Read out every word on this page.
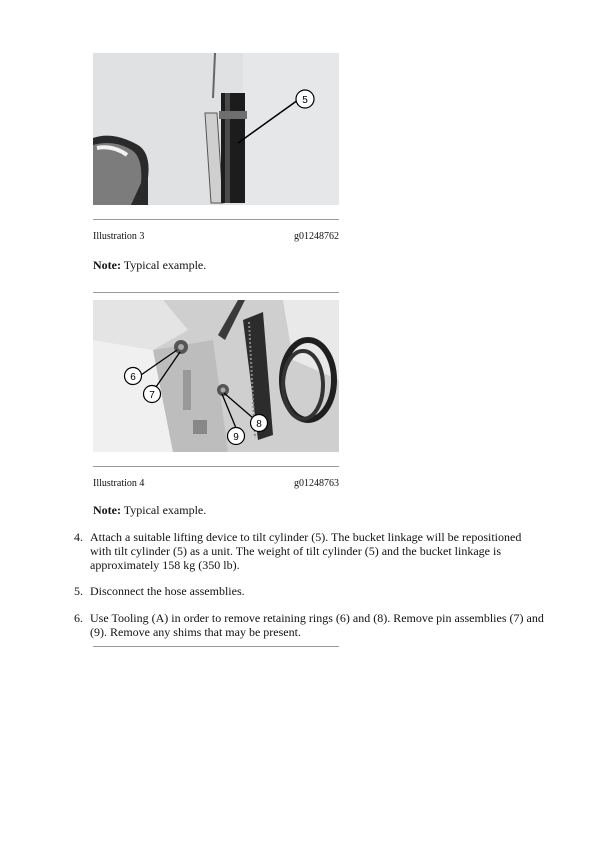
5
Illustration 3	g01248762
Note: Typical example.
6
7
8
9
Illustration 4	g01248763
Note: Typical example.
4. Attach a suitable lifting device to tilt cylinder (5). The bucket linkage will be repositioned with tilt cylinder (5) as a unit. The weight of tilt cylinder (5) and the bucket linkage is approximately 158 kg (350 lb).
5. Disconnect the hose assemblies.
6. Use Tooling (A) in order to remove retaining rings (6) and (8). Remove pin assemblies (7) and (9). Remove any shims that may be present.
